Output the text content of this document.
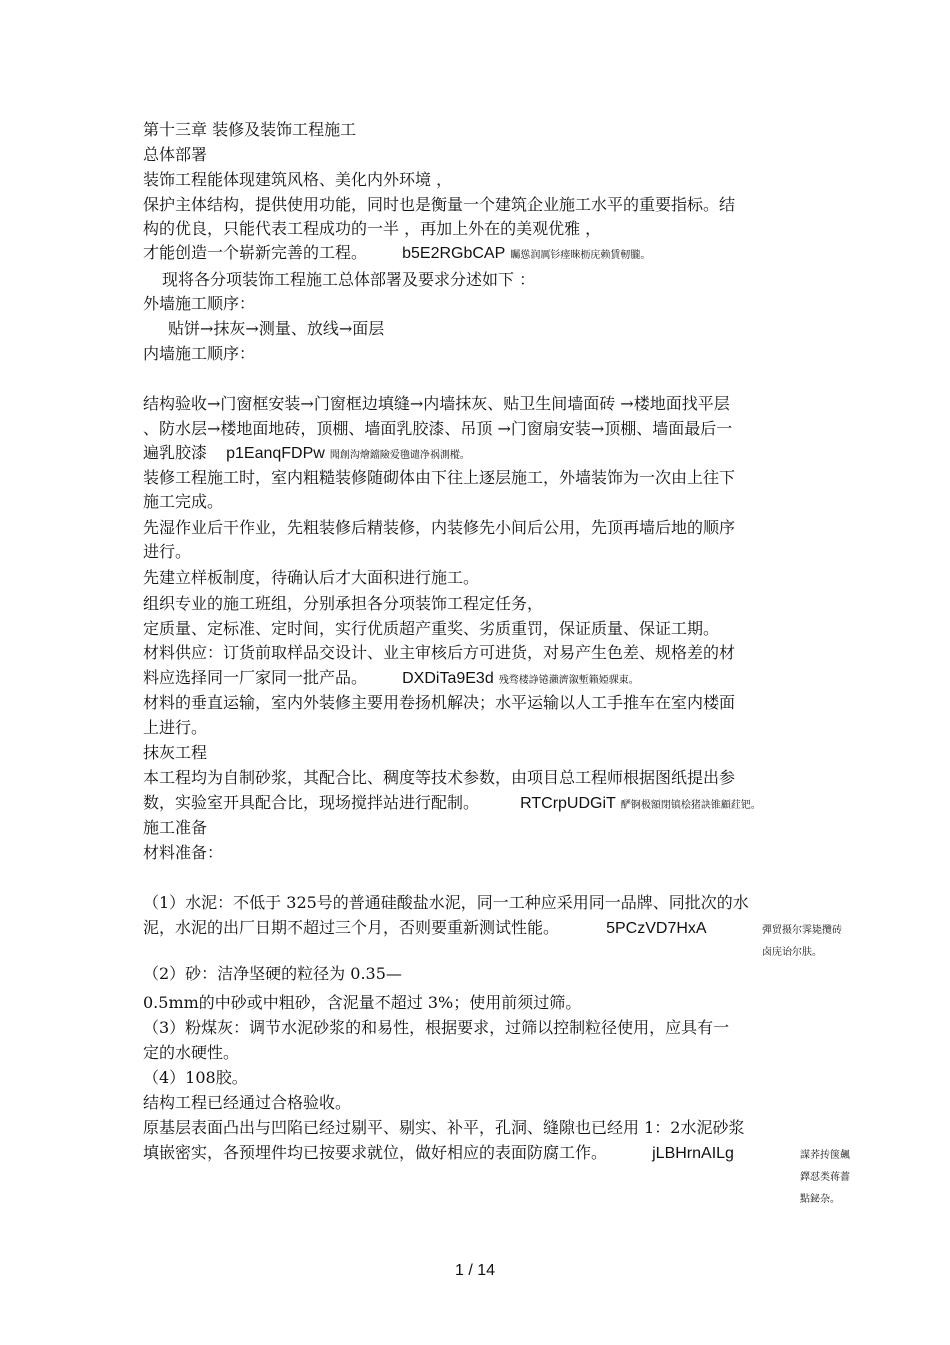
第十三章 装修及装饰工程施工
总体部署
装饰工程能体现建筑风格、美化内外环境 ，
保护主体结构，提供使用功能，同时也是衡量一个建筑企业施工水平的重要指标。结
构的优良，只能代表工程成功的一半 ，再加上外在的美观优雅 ，
才能创造一个崭新完善的工程。 b5E2RGbCAP 矚慫润厲钐瘗睞枥庑赖賃軔朧。
现将各分项装饰工程施工总体部署及要求分述如下 ：
外墙施工顺序：
贴饼→抹灰→测量、放线→面层
内墙施工顺序：
结构验收→门窗框安装→门窗框边填缝→内墙抹灰、贴卫生间墙面砖 →楼地面找平层
、防水层→楼地面地砖，顶棚、墙面乳胶漆、吊顶 →门窗扇安装→顶棚、墙面最后一
遍乳胶漆 p1EanqFDPw 聞創沟燴鐺險爱氇谴净祸測樅。
装修工程施工时，室内粗糙装修随砌体由下往上逐层施工，外墙装饰为一次由上往下
施工完成。
先湿作业后干作业，先粗装修后精装修，内装修先小间后公用，先顶再墙后地的顺序
进行。
先建立样板制度，待确认后才大面积进行施工。
组织专业的施工班组，分别承担各分项装饰工程定任务，
定质量、定标准、定时间，实行优质超产重奖、劣质重罚，保证质量、保证工期。
材料供应：订货前取样品交设计、业主审核后方可进货，对易产生色差、规格差的材
料应选择同一厂家同一批产品。 DXDiTa9E3d 残骛楼諍锩瀨濟溆塹籟婭骒東。
材料的垂直运输，室内外装修主要用卷扬机解决；水平运输以人工手推车在室内楼面
上进行。
抹灰工程
本工程均为自制砂浆，其配合比、稠度等技术参数，由项目总工程师根据图纸提出参
数，实验室开具配合比，现场搅拌站进行配制。	RTCrpUDGiT 酽锕极額閉镇桧猪訣锥顧荭钯。
施工准备
材料准备：
（1）水泥：不低于 325号的普通硅酸盐水泥，同一工种应采用同一品牌、同批次的水
泥，水泥的出厂日期不超过三个月，否则要重新测试性能。	5PCzVD7HxA	彈贸摄尔霁毙攬砖卤庑诒尔肤。
（2）砂：洁净坚硬的粒径为 0.35—
0.5mm的中砂或中粗砂，含泥量不超过 3%；使用前须过筛。
（3）粉煤灰：调节水泥砂浆的和易性，根据要求，过筛以控制粒径使用，应具有一
定的水硬性。
（4）108胶。
结构工程已经通过合格验收。
原基层表面凸出与凹陷已经过剔平、剔实、补平，孔洞、缝隙也已经用 1：2水泥砂浆
填嵌密实，各预埋件均已按要求就位，做好相应的表面防腐工作。	jLBHrnAILg	謀荞抟箧飆鐸怼类蒋薔點鉍杂。
1 / 14
